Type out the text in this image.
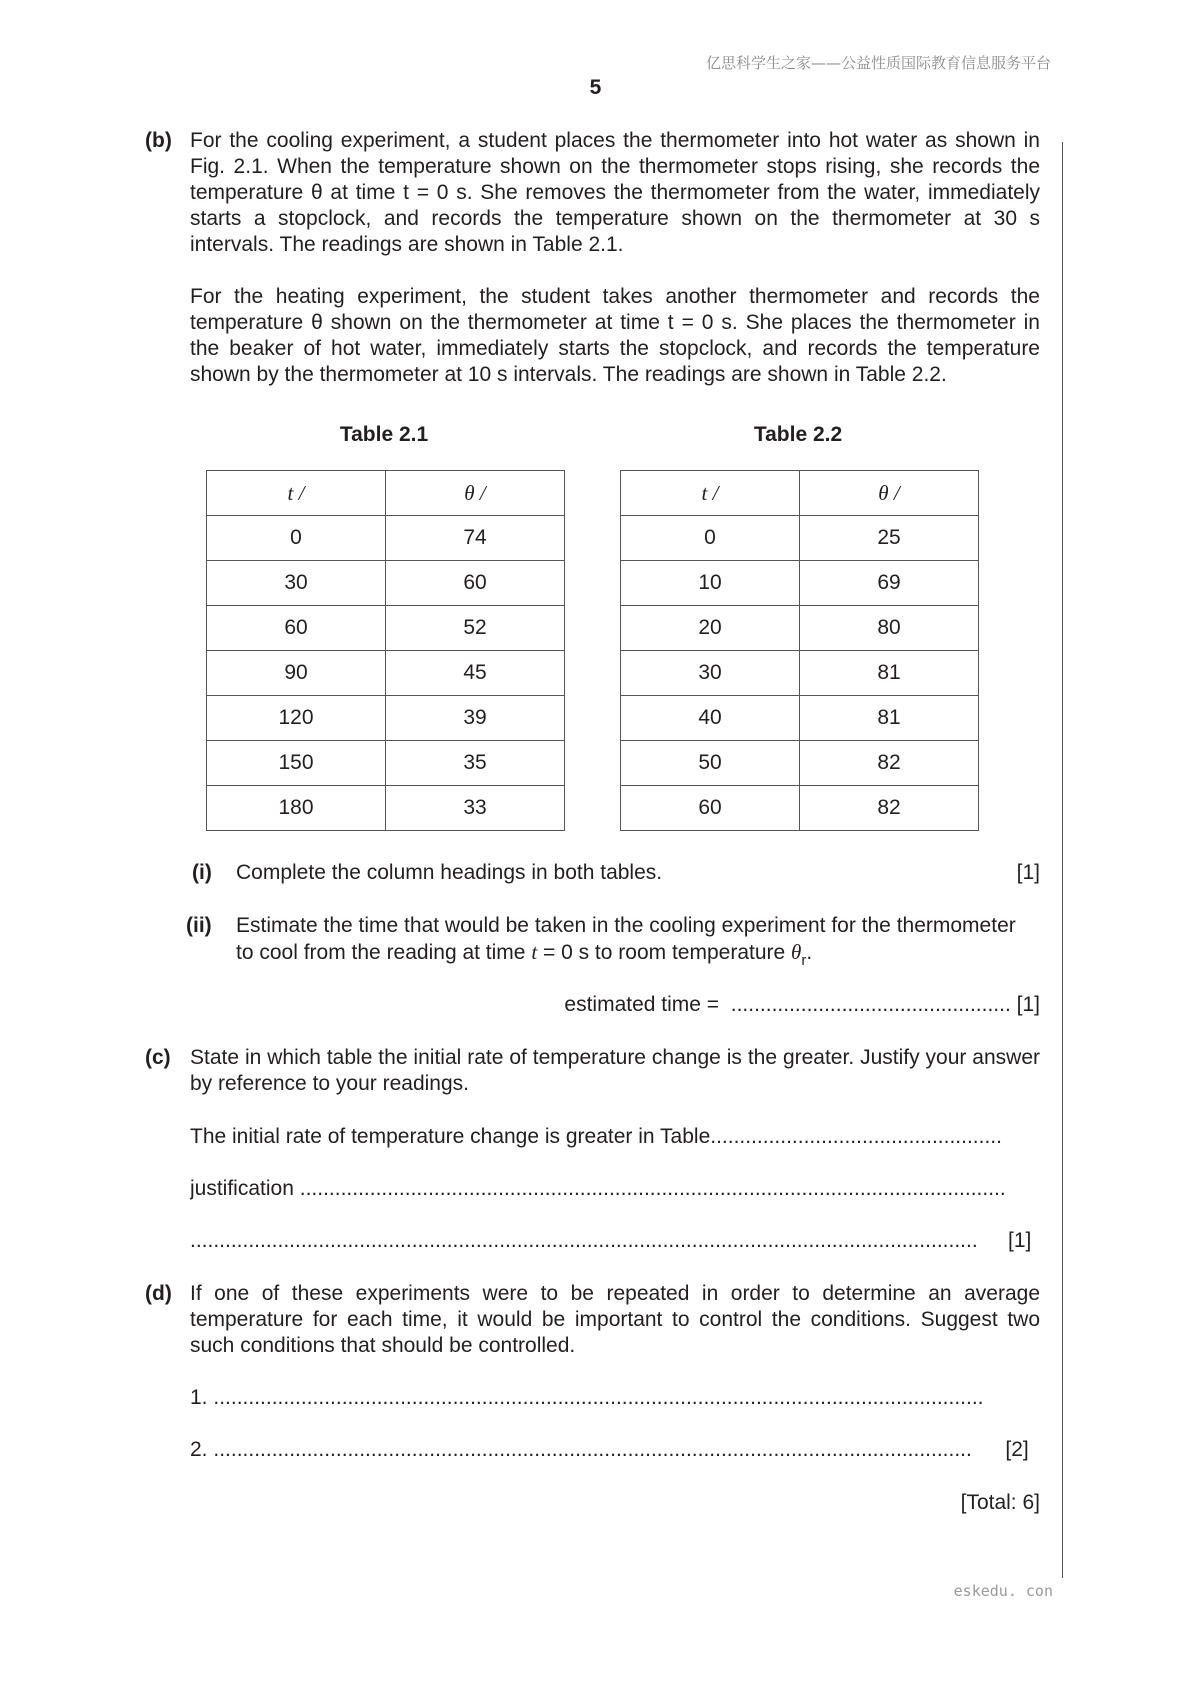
亿思科学生之家——公益性质国际教育信息服务平台
5
(b) For the cooling experiment, a student places the thermometer into hot water as shown in Fig. 2.1. When the temperature shown on the thermometer stops rising, she records the temperature θ at time t = 0 s. She removes the thermometer from the water, immediately starts a stopclock, and records the temperature shown on the thermometer at 30 s intervals. The readings are shown in Table 2.1.
For the heating experiment, the student takes another thermometer and records the temperature θ shown on the thermometer at time t = 0 s. She places the thermometer in the beaker of hot water, immediately starts the stopclock, and records the temperature shown by the thermometer at 10 s intervals. The readings are shown in Table 2.2.
Table 2.1	Table 2.2
t /	θ /
0	74
30	60
60	52
90	45
120	39
150	35
180	33
t /	θ /
0	25
10	69
20	80
30	81
40	81
50	82
60	82
(i) Complete the column headings in both tables.	[1]
(ii) Estimate the time that would be taken in the cooling experiment for the thermometer
to cool from the reading at time t = 0 s to room temperature $\theta_r$.
estimated time = ................................................ [1]
(c) State in which table the initial rate of temperature change is the greater. Justify your answer by reference to your readings.
The initial rate of temperature change is greater in Table..................................................
justification .........................................................................................................................
....................................................................................................................................... [1]
(d) If one of these experiments were to be repeated in order to determine an average temperature for each time, it would be important to control the conditions. Suggest two such conditions that should be controlled.
1. ....................................................................................................................................
2. .................................................................................................................................. [2]
[Total: 6]
eskedu. con
